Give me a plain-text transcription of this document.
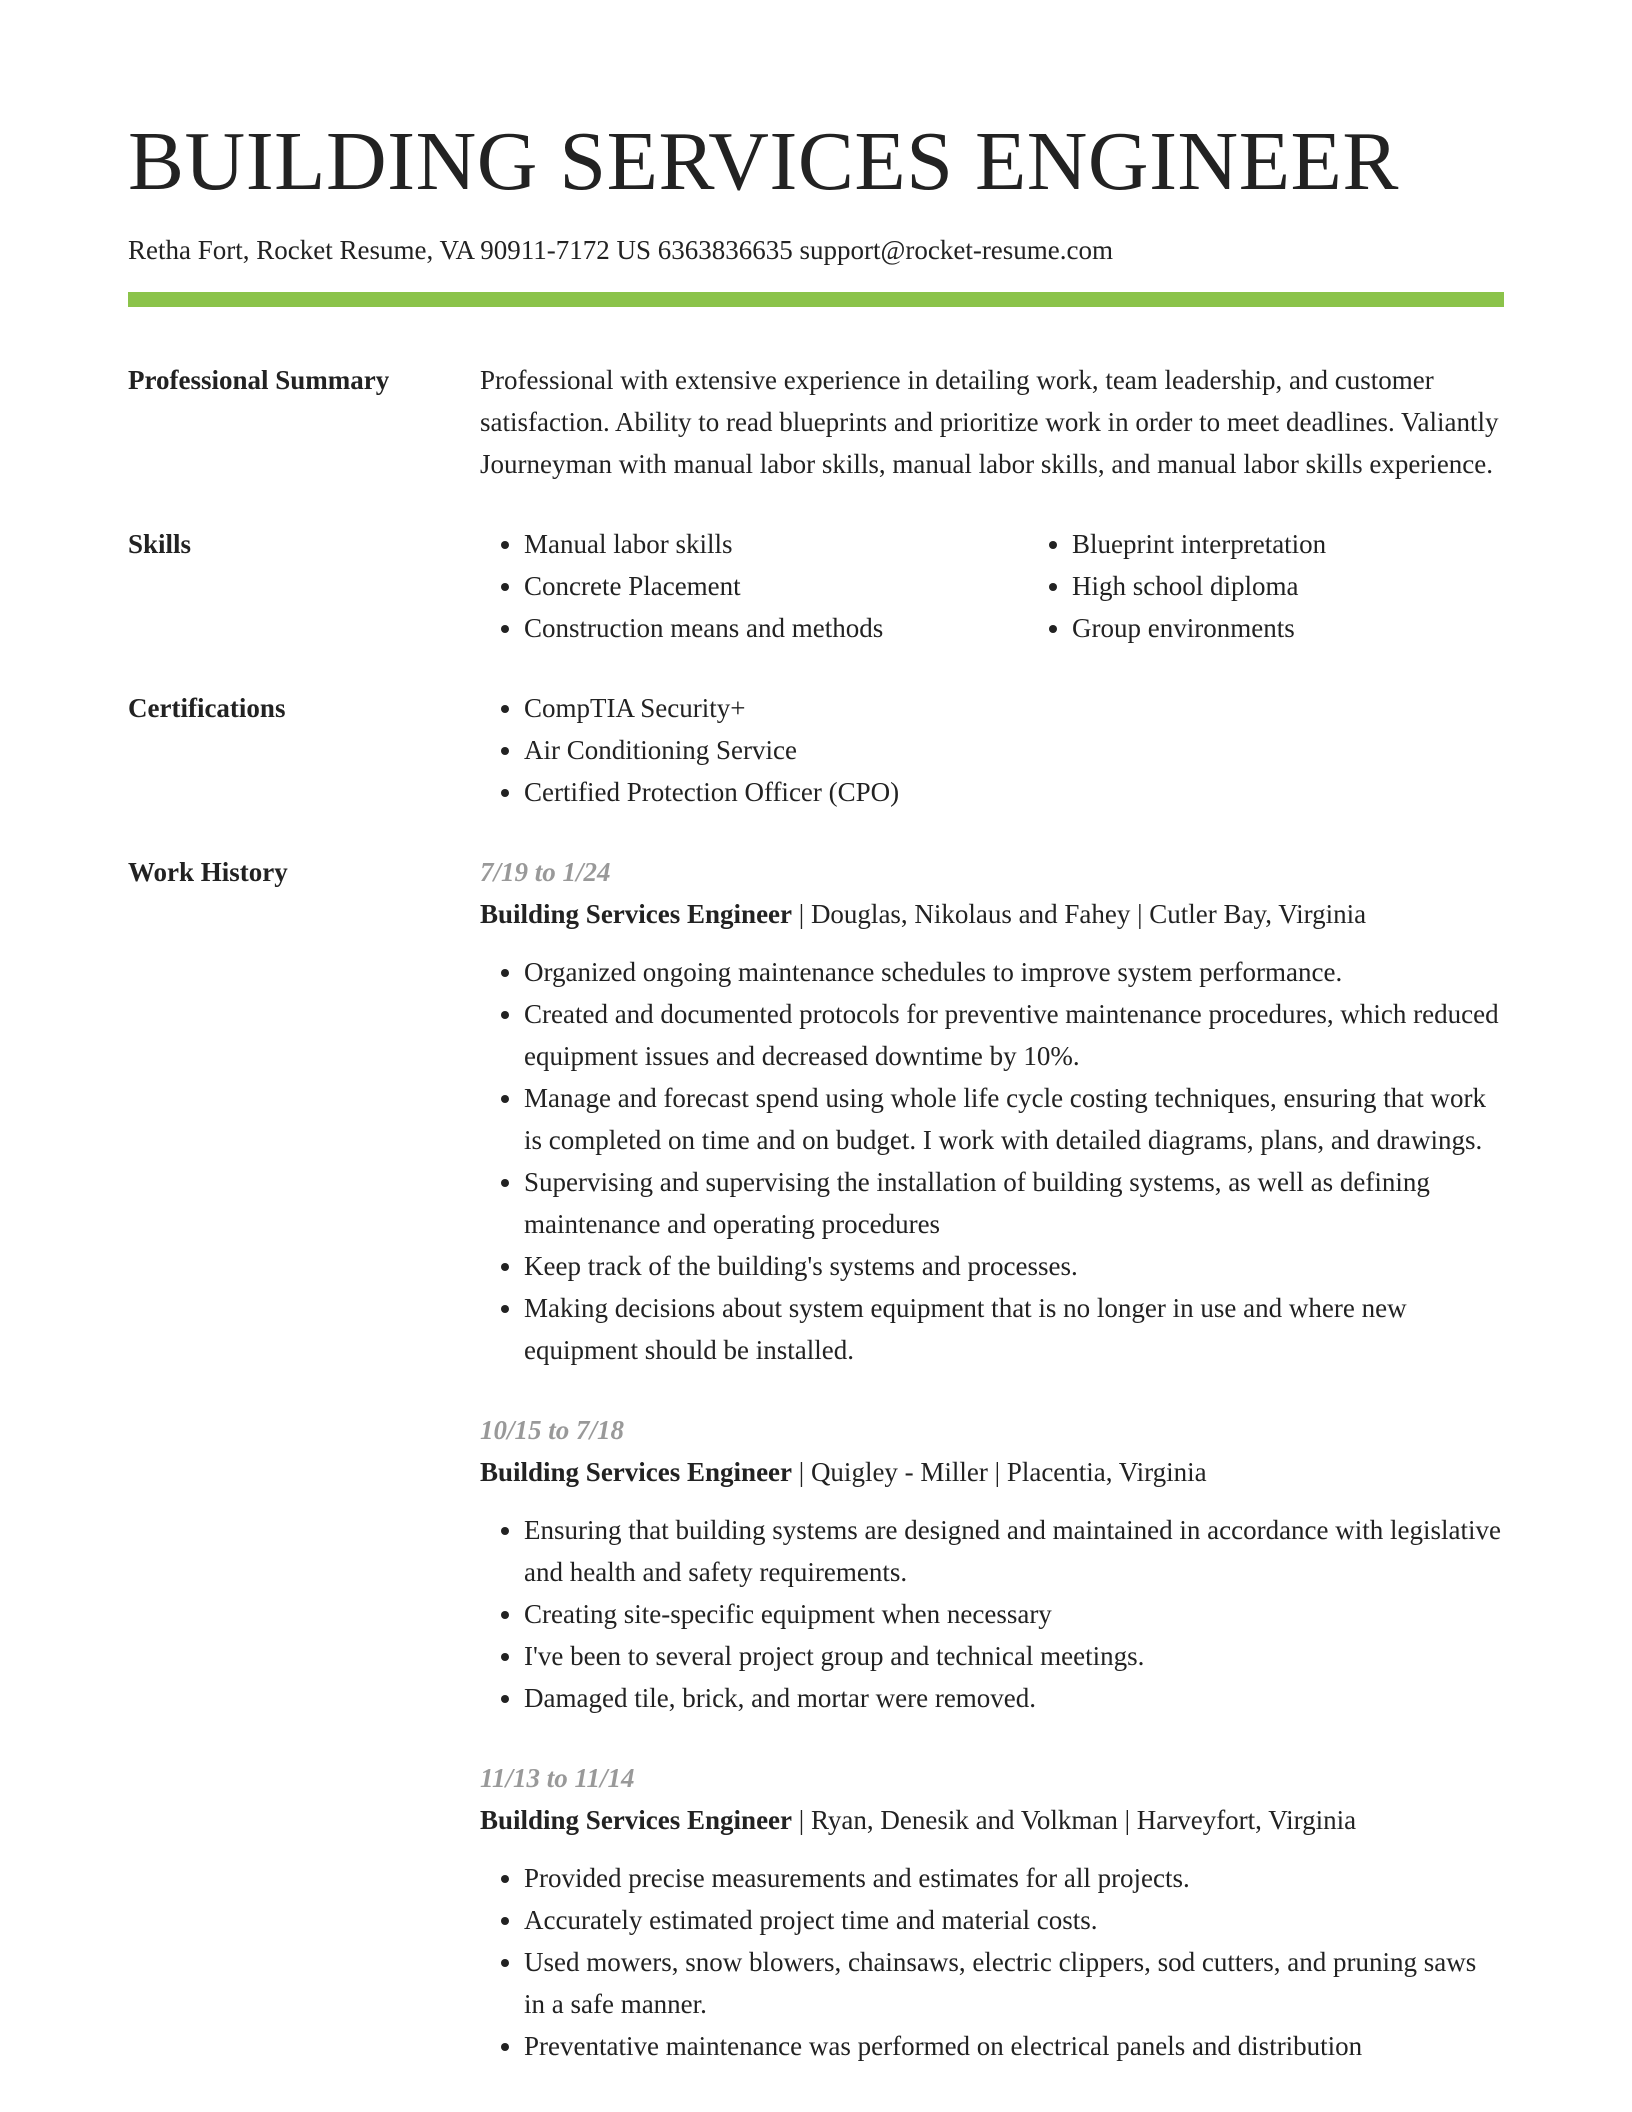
BUILDING SERVICES ENGINEER
Retha Fort, Rocket Resume, VA 90911-7172 US 6363836635 support@rocket-resume.com
Professional Summary	Professional with extensive experience in detailing work, team leadership, and customer satisfaction. Ability to read blueprints and prioritize work in order to meet deadlines. Valiantly Journeyman with manual labor skills, manual labor skills, and manual labor skills experience.

Skills	• Manual labor skills
• Concrete Placement
• Construction means and methods
• Blueprint interpretation
• High school diploma
• Group environments
Certifications	• CompTIA Security+
• Air Conditioning Service
• Certified Protection Officer (CPO)
Work History	7/19 to 1/24
Building Services Engineer | Douglas, Nikolaus and Fahey | Cutler Bay, Virginia
• Organized ongoing maintenance schedules to improve system performance.
• Created and documented protocols for preventive maintenance procedures, which reduced equipment issues and decreased downtime by 10%.
• Manage and forecast spend using whole life cycle costing techniques, ensuring that work is completed on time and on budget. I work with detailed diagrams, plans, and drawings.
• Supervising and supervising the installation of building systems, as well as defining maintenance and operating procedures
• Keep track of the building's systems and processes.
• Making decisions about system equipment that is no longer in use and where new equipment should be installed.
10/15 to 7/18
Building Services Engineer | Quigley - Miller | Placentia, Virginia
• Ensuring that building systems are designed and maintained in accordance with legislative and health and safety requirements.
• Creating site-specific equipment when necessary
• I've been to several project group and technical meetings.
• Damaged tile, brick, and mortar were removed.
11/13 to 11/14
Building Services Engineer | Ryan, Denesik and Volkman | Harveyfort, Virginia
• Provided precise measurements and estimates for all projects.
• Accurately estimated project time and material costs.
• Used mowers, snow blowers, chainsaws, electric clippers, sod cutters, and pruning saws in a safe manner.
• Preventative maintenance was performed on electrical panels and distribution
